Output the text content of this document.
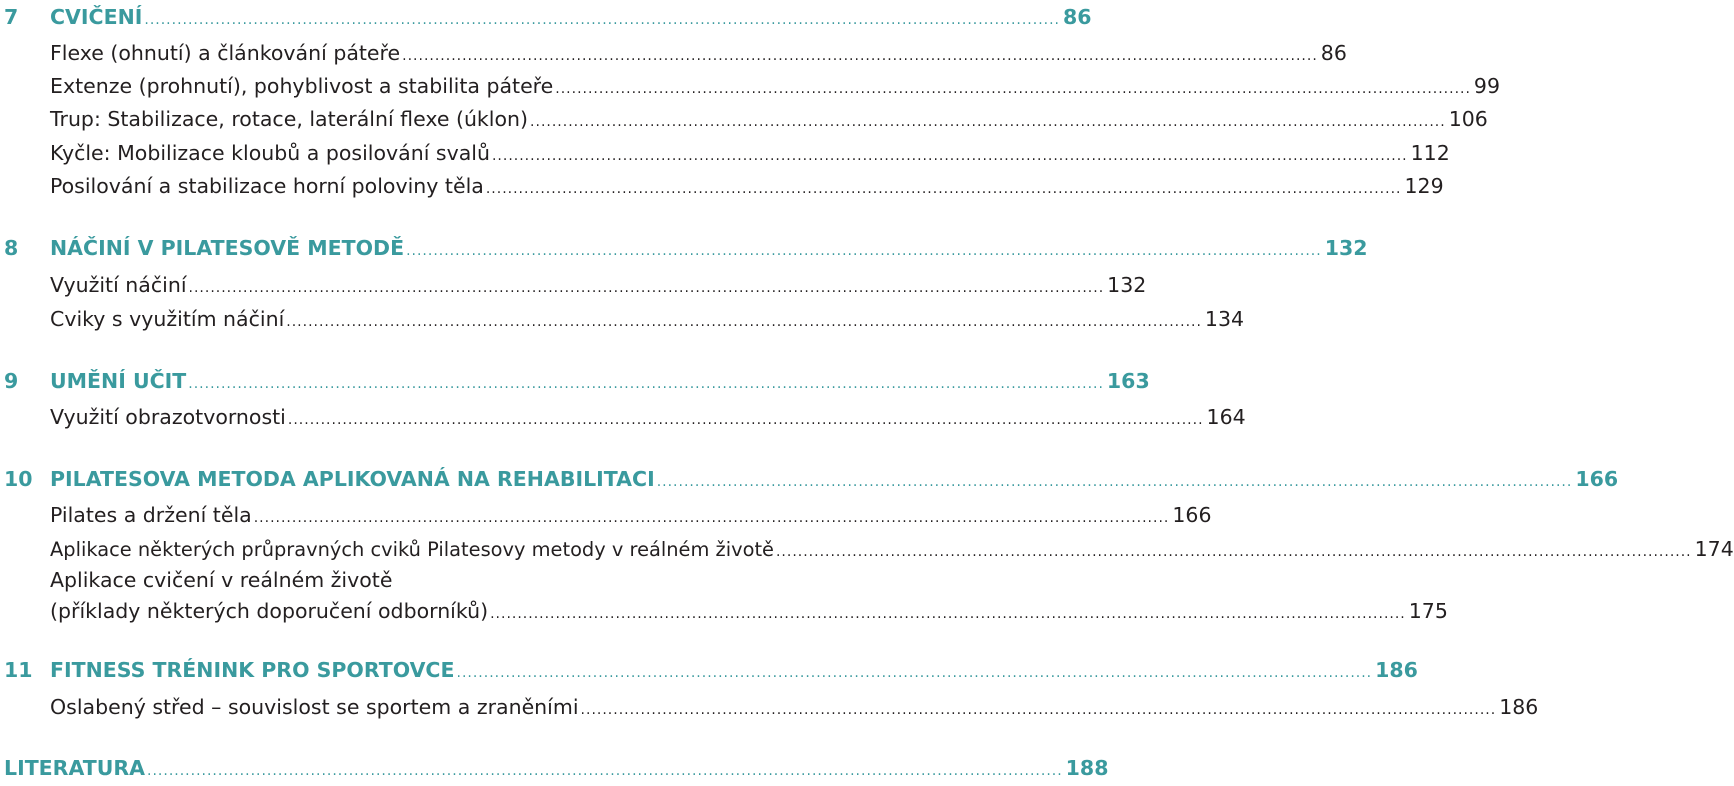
7	CVIČENÍ ........................................................................................................................................................................ 86
Flexe (ohnutí) a článkování páteře ........................................................................................................................................................................ 86
Extenze (prohnutí), pohyblivost a stabilita páteře ........................................................................................................................................................................ 99
Trup: Stabilizace, rotace, laterální flexe (úklon) ........................................................................................................................................................................ 106
Kyčle: Mobilizace kloubů a posilování svalů ........................................................................................................................................................................ 112
Posilování a stabilizace horní poloviny těla ........................................................................................................................................................................ 129
8	NÁČINÍ V PILATESOVĚ METODĚ ........................................................................................................................................................................ 132
Využití náčiní ........................................................................................................................................................................ 132
Cviky s využitím náčiní ........................................................................................................................................................................ 134
9	UMĚNÍ UČIT ........................................................................................................................................................................ 163
Využití obrazotvornosti ........................................................................................................................................................................ 164
10 PILATESOVA METODA APLIKOVANÁ NA REHABILITACI ........................................................................................................................................................................ 166
Pilates a držení těla ........................................................................................................................................................................ 166
Aplikace některých průpravných cviků Pilatesovy metody v reálném životě ........................................................................................................................................................................ 174
Aplikace cvičení v reálném životě
(příklady některých doporučení odborníků) ........................................................................................................................................................................ 175
11 FITNESS TRÉNINK PRO SPORTOVCE ........................................................................................................................................................................ 186
Oslabený střed – souvislost se sportem a zraněními ........................................................................................................................................................................ 186
LITERATURA ........................................................................................................................................................................ 188
